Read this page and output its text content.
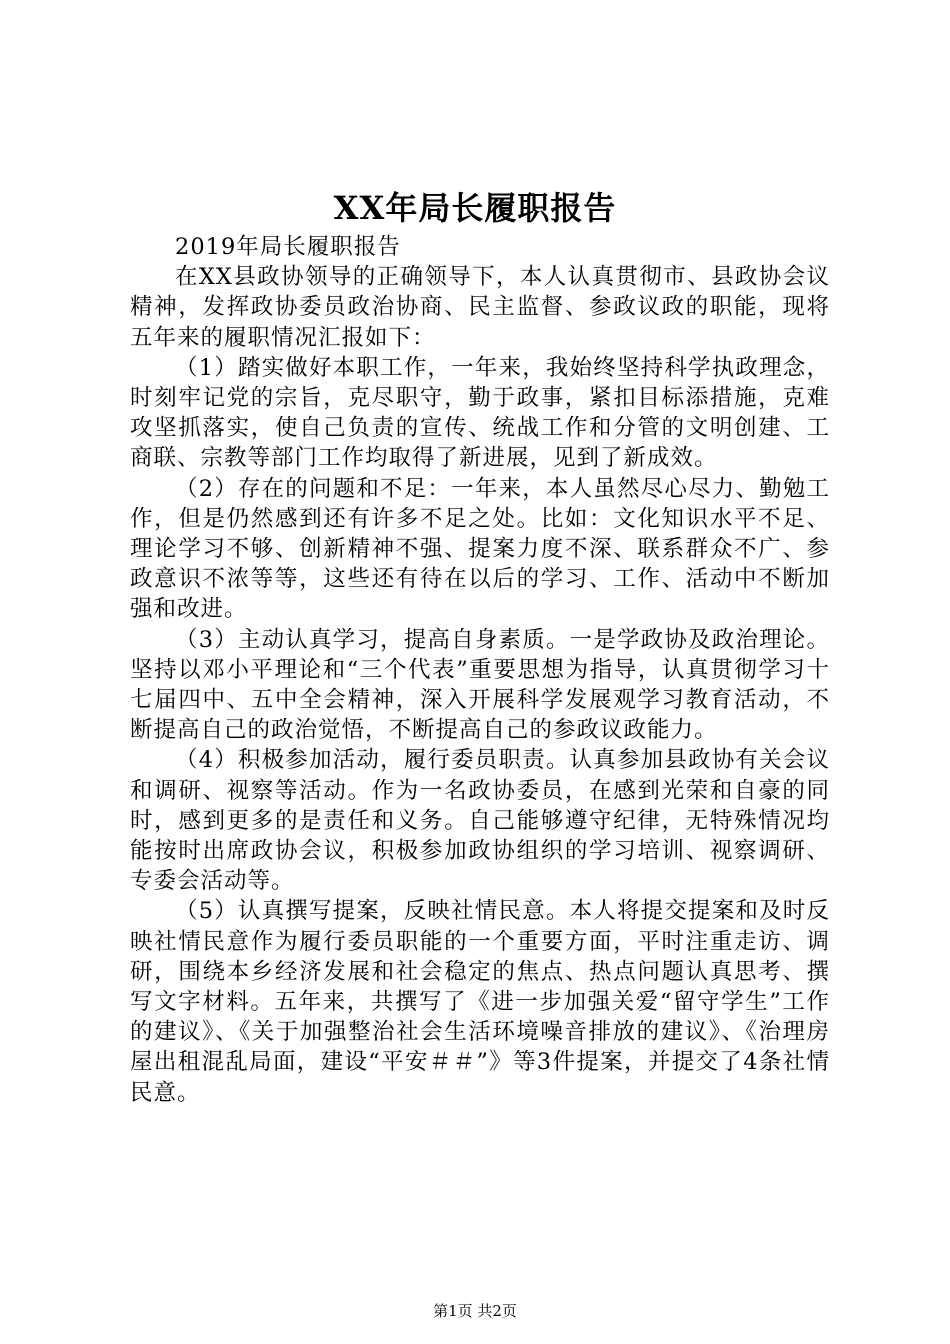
XX年局长履职报告

2019年局长履职报告

在XX县政协领导的正确领导下，本人认真贯彻市、县政协会议精神，发挥政协委员政治协商、民主监督、参政议政的职能，现将五年来的履职情况汇报如下：

（1）踏实做好本职工作，一年来，我始终坚持科学执政理念，时刻牢记党的宗旨，克尽职守，勤于政事，紧扣目标添措施，克难攻坚抓落实，使自己负责的宣传、统战工作和分管的文明创建、工商联、宗教等部门工作均取得了新进展，见到了新成效。

（2）存在的问题和不足：一年来，本人虽然尽心尽力、勤勉工作，但是仍然感到还有许多不足之处。比如：文化知识水平不足、理论学习不够、创新精神不强、提案力度不深、联系群众不广、参政意识不浓等等，这些还有待在以后的学习、工作、活动中不断加强和改进。

（3）主动认真学习，提高自身素质。一是学政协及政治理论。坚持以邓小平理论和“三个代表”重要思想为指导，认真贯彻学习十七届四中、五中全会精神，深入开展科学发展观学习教育活动，不断提高自己的政治觉悟，不断提高自己的参政议政能力。

（4）积极参加活动，履行委员职责。认真参加县政协有关会议和调研、视察等活动。作为一名政协委员，在感到光荣和自豪的同时，感到更多的是责任和义务。自己能够遵守纪律，无特殊情况均能按时出席政协会议，积极参加政协组织的学习培训、视察调研、专委会活动等。

（5）认真撰写提案，反映社情民意。本人将提交提案和及时反映社情民意作为履行委员职能的一个重要方面，平时注重走访、调研，围绕本乡经济发展和社会稳定的焦点、热点问题认真思考、撰写文字材料。五年来，共撰写了《进一步加强关爱“留守学生”工作的建议》、《关于加强整治社会生活环境噪音排放的建议》、《治理房屋出租混乱局面，建设“平安＃＃”》等3件提案，并提交了4条社情民意。

第1页 共2页
